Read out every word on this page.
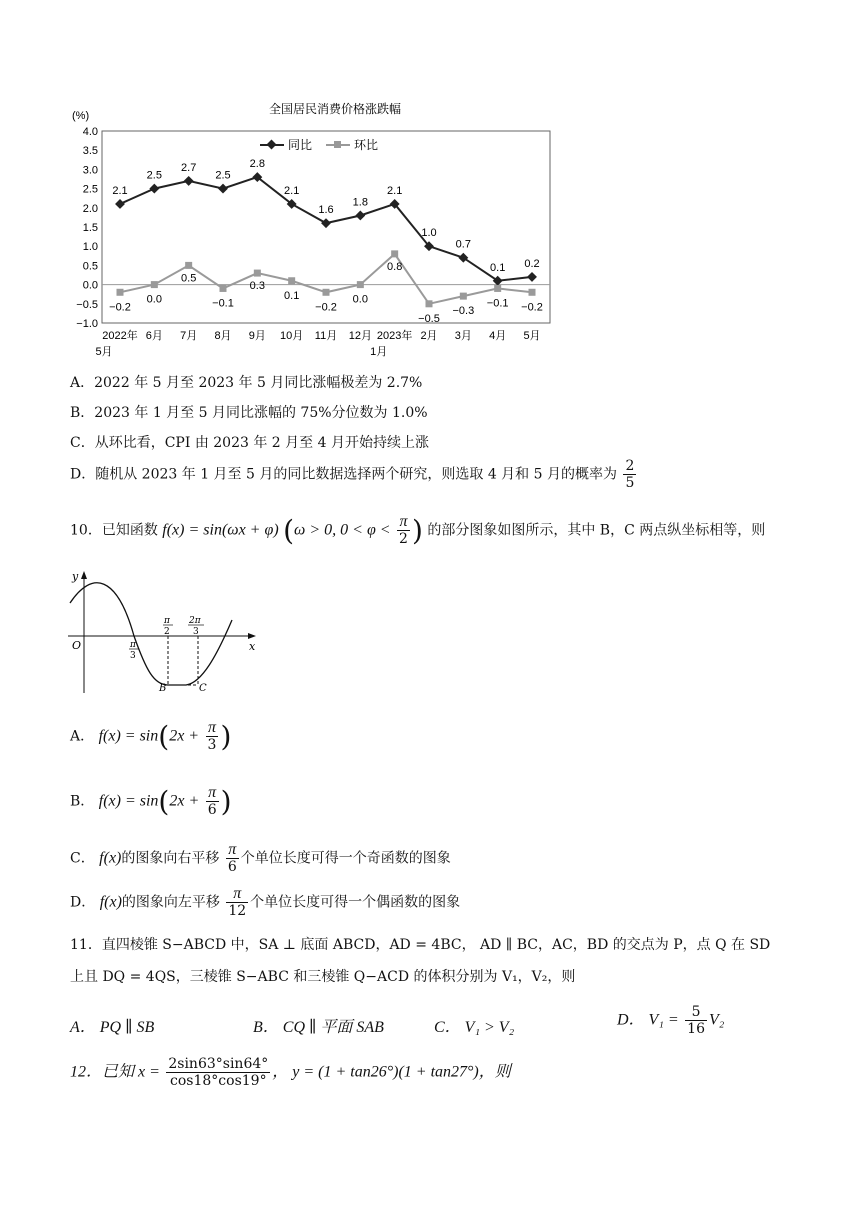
全国居民消费价格涨跌幅
(%)
4.0
3.5
3.0
2.5
2.0
1.5
1.0
0.5
0.0
−0.5
−1.0
2022年 5月
6月 7月 8月 9月 10月 11月 12月 2023年 1月
2月 3月 4月 5月
同比	环比
2.1
2.5
2.7
2.5
2.8
2.1
1.6
1.8
2.1
1.0
0.7
0.1 0.2
−0.2
0.0
0.5
−0.1
0.3
0.1
−0.2
0.0
0.8
−0.5
−0.3
−0.1 −0.2
A．2022 年 5 月至 2023 年 5 月同比涨幅极差为 2.7%
B．2023 年 1 月至 5 月同比涨幅的 75%分位数为 1.0%
C．从环比看，CPI 由 2023 年 2 月至 4 月开始持续上涨
D．随机从 2023 年 1 月至 5 月的同比数据选择两个研究，则选取 4 月和 5 月的概率为 $\frac{2}{5}$
10．已知函数 f(x) = sin(ωx + φ) (ω > 0, $0 < \varphi < \frac{\pi}{2}$ ) 的部分图象如图所示，其中 B，C 两点纵坐标相等，则
y
x
O	π
3
π
2
2π
3
B	C
A． $f(x) = \sin(2x + \frac{\pi}{3}$ )
B． $f(x) = \sin(2x + \frac{\pi}{6}$ )
C． f(x)的图象向右平移 $\frac{\pi}{6}$ 个单位长度可得一个奇函数的图象
D． f(x)的图象向左平移 $\frac{\pi}{12}$ 个单位长度可得一个偶函数的图象
11．直四棱锥 S−ABCD 中，SA ⊥ 底面 ABCD，AD = 4BC， AD ∥ BC，AC，BD 的交点为 P，点 Q 在 SD
上且 DQ = 4QS，三棱锥 S−ABC 和三棱锥 Q−ACD 的体积分别为 V₁，V₂，则
A． PQ ∥ SB	B． CQ ∥ 平面 SAB	C． V₁ > V₂	D． $V_1 = \frac{5}{16} V_2$
12．已知 $x = \frac{2\sin 63^\circ\sin 64^\circ}{\cos 18^\circ\cos 19^\circ}$ ， y = (1 + tan26°)(1 + tan27°)，则
